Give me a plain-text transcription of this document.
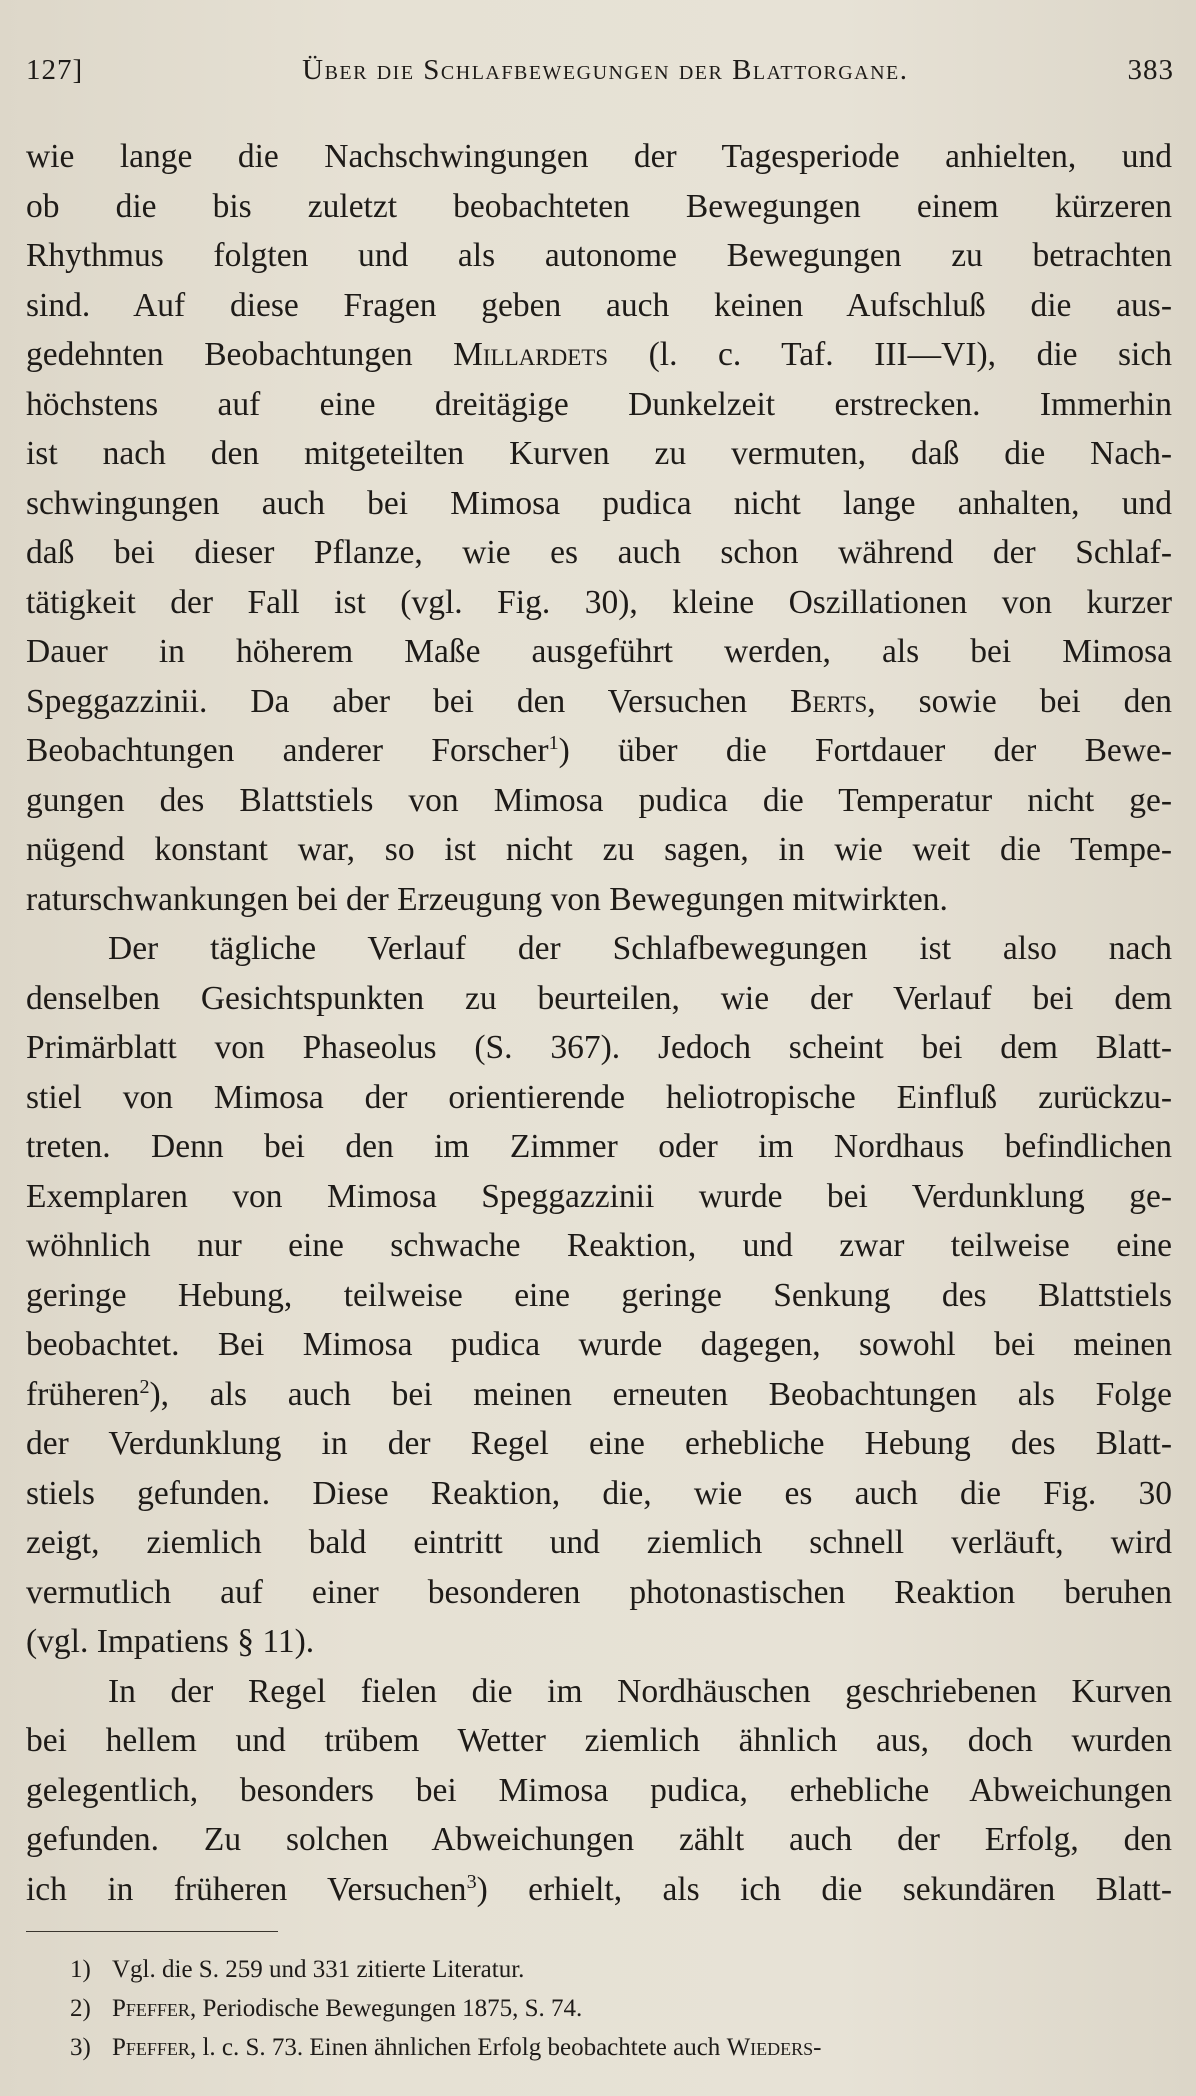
127]	Über die Schlafbewegungen der Blattorgane.	383
wie lange die Nachschwingungen der Tagesperiode anhielten, und
ob die bis zuletzt beobachteten Bewegungen einem kürzeren
Rhythmus folgten und als autonome Bewegungen zu betrachten
sind. Auf diese Fragen geben auch keinen Aufschluß die aus-
gedehnten Beobachtungen Millardets (l. c. Taf. III—VI), die sich
höchstens auf eine dreitägige Dunkelzeit erstrecken. Immerhin
ist nach den mitgeteilten Kurven zu vermuten, daß die Nach-
schwingungen auch bei Mimosa pudica nicht lange anhalten, und
daß bei dieser Pflanze, wie es auch schon während der Schlaf-
tätigkeit der Fall ist (vgl. Fig. 30), kleine Oszillationen von kurzer
Dauer in höherem Maße ausgeführt werden, als bei Mimosa
Speggazzinii. Da aber bei den Versuchen Berts, sowie bei den
Beobachtungen anderer Forscher$^1$) über die Fortdauer der Bewe-
gungen des Blattstiels von Mimosa pudica die Temperatur nicht ge-
nügend konstant war, so ist nicht zu sagen, in wie weit die Tempe-
raturschwankungen bei der Erzeugung von Bewegungen mitwirkten.
Der tägliche Verlauf der Schlafbewegungen ist also nach
denselben Gesichtspunkten zu beurteilen, wie der Verlauf bei dem
Primärblatt von Phaseolus (S. 367). Jedoch scheint bei dem Blatt-
stiel von Mimosa der orientierende heliotropische Einfluß zurückzu-
treten. Denn bei den im Zimmer oder im Nordhaus befindlichen
Exemplaren von Mimosa Speggazzinii wurde bei Verdunklung ge-
wöhnlich nur eine schwache Reaktion, und zwar teilweise eine
geringe Hebung, teilweise eine geringe Senkung des Blattstiels
beobachtet. Bei Mimosa pudica wurde dagegen, sowohl bei meinen
früheren$^2$), als auch bei meinen erneuten Beobachtungen als Folge
der Verdunklung in der Regel eine erhebliche Hebung des Blatt-
stiels gefunden. Diese Reaktion, die, wie es auch die Fig. 30
zeigt, ziemlich bald eintritt und ziemlich schnell verläuft, wird
vermutlich auf einer besonderen photonastischen Reaktion beruhen
(vgl. Impatiens § 11).
In der Regel fielen die im Nordhäuschen geschriebenen Kurven
bei hellem und trübem Wetter ziemlich ähnlich aus, doch wurden
gelegentlich, besonders bei Mimosa pudica, erhebliche Abweichungen
gefunden. Zu solchen Abweichungen zählt auch der Erfolg, den
ich in früheren Versuchen$^3$) erhielt, als ich die sekundären Blatt-
1) Vgl. die S. 259 und 331 zitierte Literatur.
2) Pfeffer, Periodische Bewegungen 1875, S. 74.
3) Pfeffer, l. c. S. 73. Einen ähnlichen Erfolg beobachtete auch Wieders-
